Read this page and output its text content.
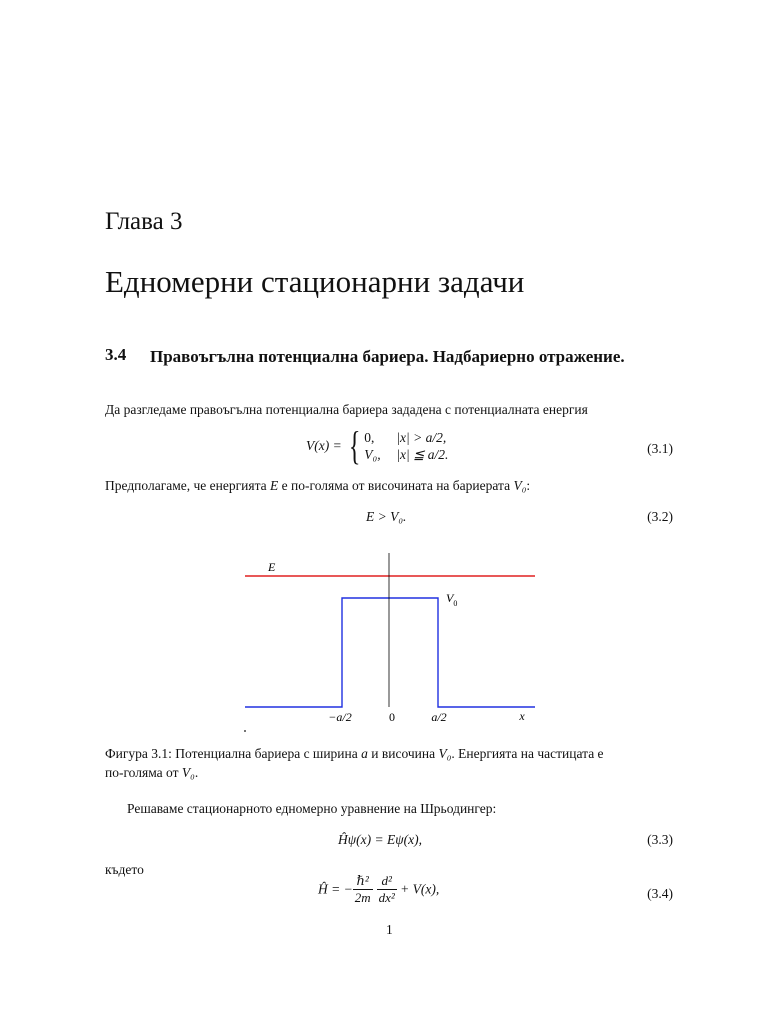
Глава 3
Едномерни стационарни задачи
3.4 Правоъгълна потенциална бариера. Надбариерно отражение.
Да разгледаме правоъгълна потенциална бариера зададена с потенциалната енергия
V(x) = { 0, |x| > a/2,
V₀, |x| ≦ a/2.	(3.1)
Предполагаме, че енергията E е по-голяма от височината на бариерата V₀:
E > V₀.	(3.2)
E
$V_0$
−a/2	0	a/2	x
Фигура 3.1: Потенциална бариера с ширина a и височина V₀. Енергията на частицата е
по-голяма от V₀.
Решаваме стационарното едномерно уравнение на Шрьодингер:
Ĥψ(x) = Eψ(x),	(3.3)
където
Ĥ = − $\frac{\text{ℏ²}}{2m}$
$\frac{\text{d²}}{\text{dx²}} + V(x)$,	(3.4)
1
